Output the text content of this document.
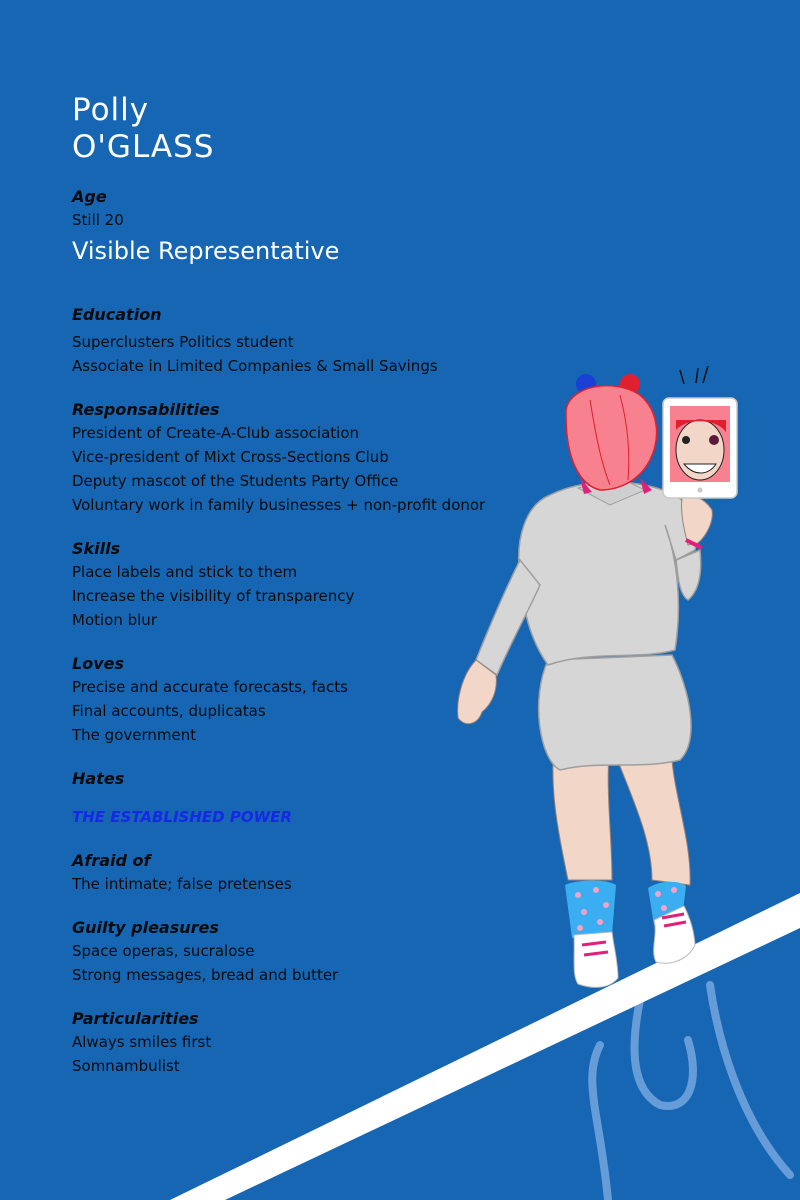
Polly
O'GLASS

Age

Still 20

Visible Representative

Education

Superclusters Politics student

Associate in Limited Companies & Small Savings

Responsabilities

President of Create-A-Club association

Vice-president of Mixt Cross-Sections Club

Deputy mascot of the Students Party Office

Voluntary work in family businesses + non-profit donor

Skills

Place labels and stick to them

Increase the visibility of transparency

Motion blur

Loves

Precise and accurate forecasts, facts

Final accounts, duplicatas

The government

Hates

THE ESTABLISHED POWER

Afraid of

The intimate; false pretenses

Guilty pleasures

Space operas, sucralose

Strong messages, bread and butter

Particularities

Always smiles first

Somnambulist
